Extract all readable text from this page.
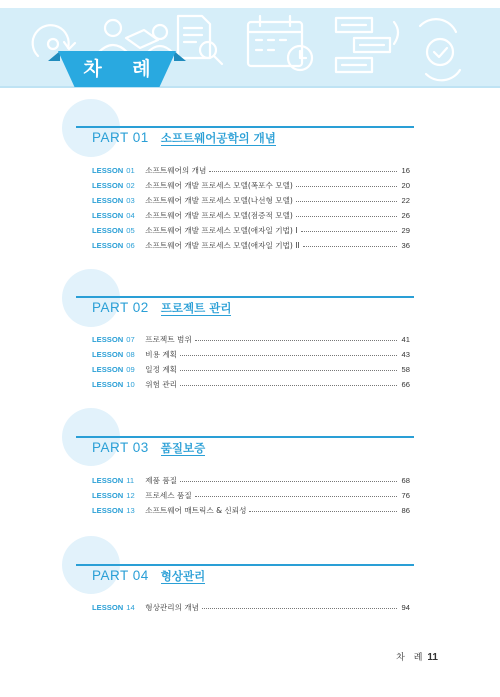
차 례
PART 01 소프트웨어공학의 개념
LESSON 01	소프트웨어의 개념	16
LESSON 02	소프트웨어 개발 프로세스 모델(폭포수 모델)	20
LESSON 03	소프트웨어 개발 프로세스 모델(나선형 모델)	22
LESSON 04	소프트웨어 개발 프로세스 모델(점증적 모델)	26
LESSON 05	소프트웨어 개발 프로세스 모델(애자일 기법) I	29
LESSON 06	소프트웨어 개발 프로세스 모델(애자일 기법) II	36
PART 02 프로젝트 관리
LESSON 07	프로젝트 범위	41
LESSON 08	비용 계획	43
LESSON 09	일정 계획	58
LESSON 10	위험 관리	66
PART 03 품질보증
LESSON 11	제품 품질	68
LESSON 12	프로세스 품질	76
LESSON 13	소프트웨어 매트릭스 & 신뢰성	86
PART 04 형상관리
LESSON 14	형상관리의 개념	94
차 례 11
